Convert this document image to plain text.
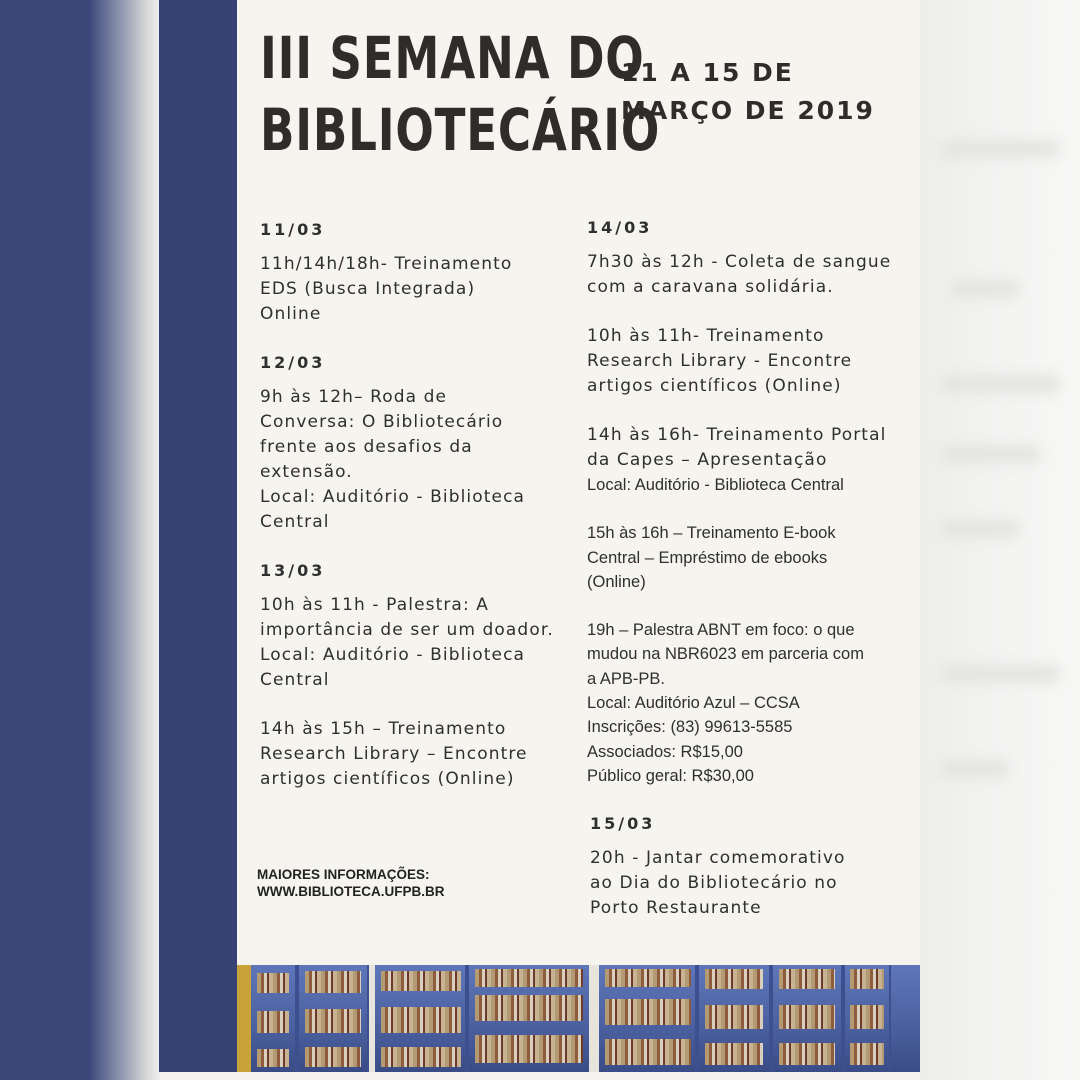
III SEMANA DO
BIBLIOTECÁRIO
11 A 15 DE
MARÇO DE 2019
11/03
11h/14h/18h- Treinamento
EDS (Busca Integrada)
Online
12/03
9h às 12h– Roda de
Conversa: O Bibliotecário
frente aos desafios da
extensão.
Local: Auditório - Biblioteca
Central
13/03
10h às 11h - Palestra: A
importância de ser um doador.
Local: Auditório - Biblioteca
Central
14h às 15h – Treinamento
Research Library – Encontre
artigos científicos (Online)
14/03
7h30 às 12h - Coleta de sangue
com a caravana solidária.
10h às 11h- Treinamento
Research Library - Encontre
artigos científicos (Online)
14h às 16h- Treinamento Portal
da Capes – Apresentação
Local: Auditório - Biblioteca Central
15h às 16h – Treinamento E-book
Central – Empréstimo de ebooks
(Online)
19h – Palestra ABNT em foco: o que
mudou na NBR6023 em parceria com
a APB-PB.
Local: Auditório Azul – CCSA
Inscrições: (83) 99613-5585
Associados: R$15,00
Público geral: R$30,00
15/03
20h - Jantar comemorativo
ao Dia do Bibliotecário no
Porto Restaurante
MAIORES INFORMAÇÕES:
WWW.BIBLIOTECA.UFPB.BR
